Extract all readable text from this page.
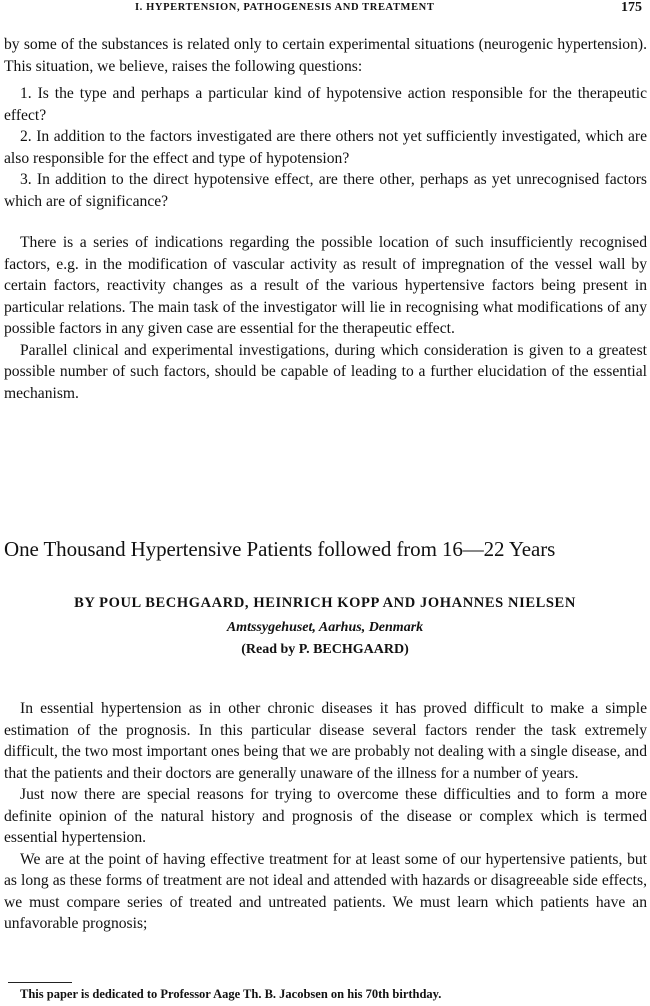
I. HYPERTENSION, PATHOGENESIS AND TREATMENT	175

by some of the substances is related only to certain experimental situations (neurogenic hypertension). This situation, we believe, raises the following questions:

1. Is the type and perhaps a particular kind of hypotensive action responsible for the therapeutic effect?

2. In addition to the factors investigated are there others not yet sufficiently investigated, which are also responsible for the effect and type of hypotension?

3. In addition to the direct hypotensive effect, are there other, perhaps as yet unrecognised factors which are of significance?

There is a series of indications regarding the possible location of such insufficiently recognised factors, e.g. in the modification of vascular activity as result of impregnation of the vessel wall by certain factors, reactivity changes as a result of the various hypertensive factors being present in particular relations. The main task of the investigator will lie in recognising what modifications of any possible factors in any given case are essential for the therapeutic effect.

Parallel clinical and experimental investigations, during which consideration is given to a greatest possible number of such factors, should be capable of leading to a further elucidation of the essential mechanism.

One Thousand Hypertensive Patients followed from 16—22 Years
BY POUL BECHGAARD, HEINRICH KOPP AND JOHANNES NIELSEN
Amtssygehuset, Aarhus, Denmark
(Read by P. BECHGAARD)

In essential hypertension as in other chronic diseases it has proved difficult to make a simple estimation of the prognosis. In this particular disease several factors render the task extremely difficult, the two most important ones being that we are probably not dealing with a single disease, and that the patients and their doctors are generally unaware of the illness for a number of years.

Just now there are special reasons for trying to overcome these difficulties and to form a more definite opinion of the natural history and prognosis of the disease or complex which is termed essential hypertension.

We are at the point of having effective treatment for at least some of our hypertensive patients, but as long as these forms of treatment are not ideal and attended with hazards or disagreeable side effects, we must compare series of treated and untreated patients. We must learn which patients have an unfavorable prognosis;

This paper is dedicated to Professor Aage Th. B. Jacobsen on his 70th birthday.
